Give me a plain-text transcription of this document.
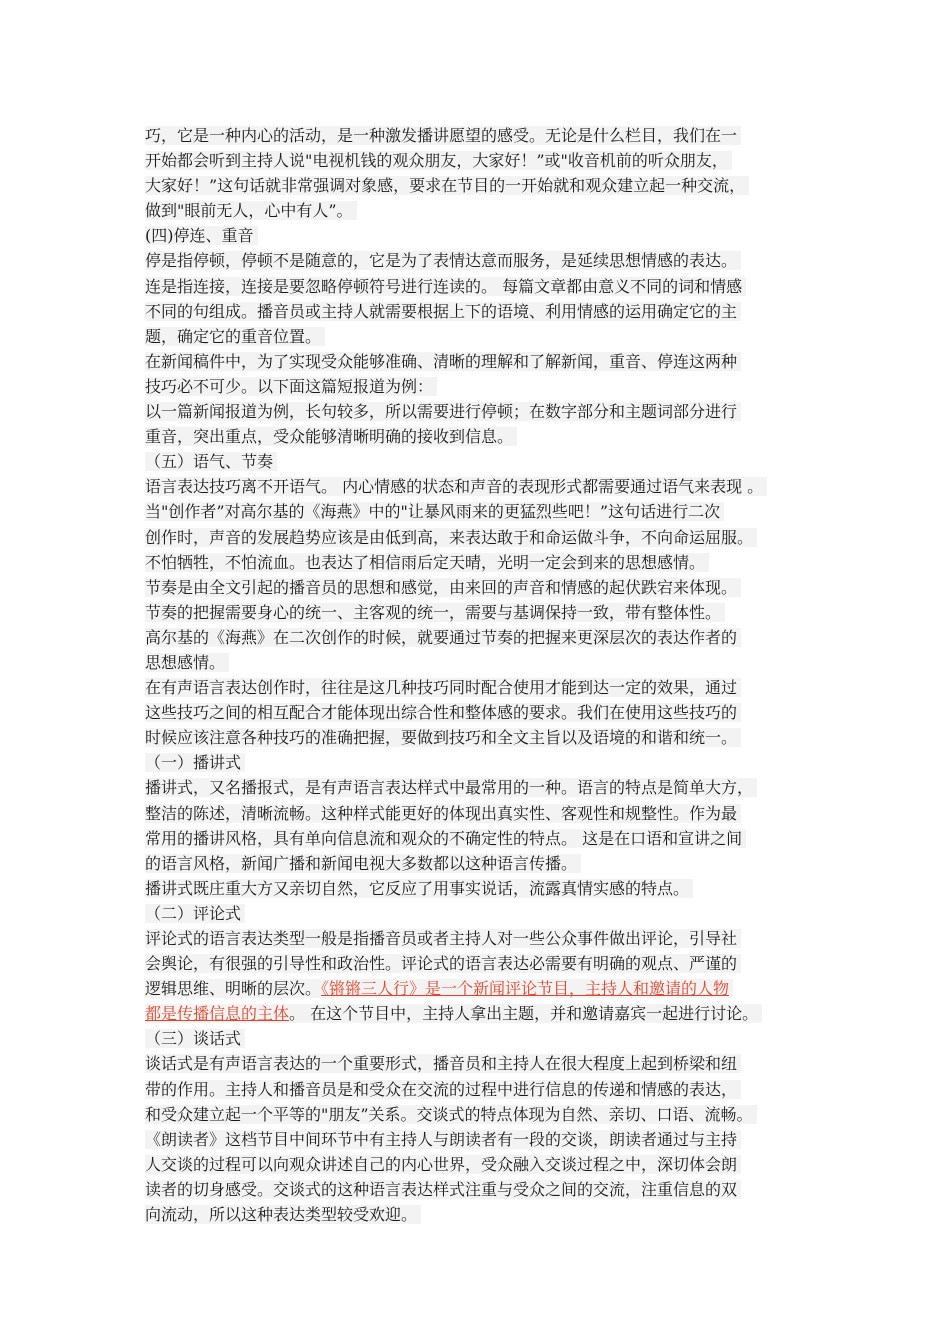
巧，它是一种内心的活动，是一种激发播讲愿望的感受。无论是什么栏目，我们在一
开始都会听到主持人说"电视机钱的观众朋友，大家好！”或"收音机前的听众朋友，
大家好！”这句话就非常强调对象感，要求在节目的一开始就和观众建立起一种交流，
做到"眼前无人，心中有人”。
(四)停连、重音
停是指停顿，停顿不是随意的，它是为了表情达意而服务，是延续思想情感的表达。
连是指连接，连接是要忽略停顿符号进行连读的。 每篇文章都由意义不同的词和情感
不同的句组成。播音员或主持人就需要根据上下的语境、利用情感的运用确定它的主
题，确定它的重音位置。
在新闻稿件中，为了实现受众能够准确、清晰的理解和了解新闻，重音、停连这两种
技巧必不可少。以下面这篇短报道为例：
以一篇新闻报道为例，长句较多，所以需要进行停顿；在数字部分和主题词部分进行
重音，突出重点，受众能够清晰明确的接收到信息。
（五）语气、节奏
语言表达技巧离不开语气。 内心情感的状态和声音的表现形式都需要通过语气来表现 。
当"创作者”对高尔基的《海燕》中的"让暴风雨来的更猛烈些吧！”这句话进行二次
创作时，声音的发展趋势应该是由低到高，来表达敢于和命运做斗争，不向命运屈服。
不怕牺牲，不怕流血。也表达了相信雨后定天晴，光明一定会到来的思想感情。
节奏是由全文引起的播音员的思想和感觉，由来回的声音和情感的起伏跌宕来体现。
节奏的把握需要身心的统一、主客观的统一，需要与基调保持一致，带有整体性。
高尔基的《海燕》在二次创作的时候，就要通过节奏的把握来更深层次的表达作者的
思想感情。
在有声语言表达创作时，往往是这几种技巧同时配合使用才能到达一定的效果，通过
这些技巧之间的相互配合才能体现出综合性和整体感的要求。我们在使用这些技巧的
时候应该注意各种技巧的准确把握，要做到技巧和全文主旨以及语境的和谐和统一。
（一）播讲式
播讲式，又名播报式，是有声语言表达样式中最常用的一种。语言的特点是简单大方，
整洁的陈述，清晰流畅。这种样式能更好的体现出真实性、客观性和规整性。作为最
常用的播讲风格，具有单向信息流和观众的不确定性的特点。 这是在口语和宣讲之间
的语言风格，新闻广播和新闻电视大多数都以这种语言传播。
播讲式既庄重大方又亲切自然，它反应了用事实说话，流露真情实感的特点。
（二）评论式
评论式的语言表达类型一般是指播音员或者主持人对一些公众事件做出评论，引导社
会舆论，有很强的引导性和政治性。评论式的语言表达必需要有明确的观点、严谨的
逻辑思维、明晰的层次。《锵锵三人行》是一个新闻评论节目，主持人和邀请的人物
都是传播信息的主体。 在这个节目中，主持人拿出主题，并和邀请嘉宾一起进行讨论。
（三）谈话式
谈话式是有声语言表达的一个重要形式，播音员和主持人在很大程度上起到桥梁和纽
带的作用。主持人和播音员是和受众在交流的过程中进行信息的传递和情感的表达，
和受众建立起一个平等的"朋友”关系。交谈式的特点体现为自然、亲切、口语、流畅。
《朗读者》这档节目中间环节中有主持人与朗读者有一段的交谈，朗读者通过与主持
人交谈的过程可以向观众讲述自己的内心世界，受众融入交谈过程之中，深切体会朗
读者的切身感受。交谈式的这种语言表达样式注重与受众之间的交流，注重信息的双
向流动，所以这种表达类型较受欢迎。
